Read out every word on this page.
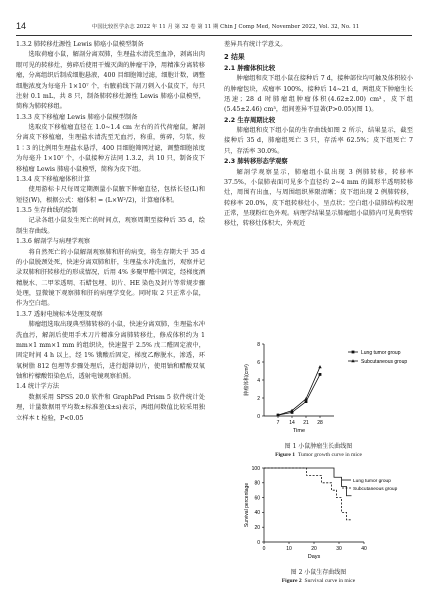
14	中国比较医学杂志 2022 年 11 月 第 32 卷 第 11 期 Chin J Comp Med, November 2022, Vol. 32, No. 11

1.3.2 肺转移灶源性 Lewis 肺癌小鼠模型制备

选取荷瘤小鼠，解剖分离双肺，生理盐水清洗至血净，剥离出肉眼可见的转移灶，剪碎后使用干燥灭菌的肿瘤干净，用精准分离转移瘤，分离组织后制成细胞悬液，400 目细胞筛过滤，细胞计数，调整细胞浓度为每毫升 1×10⁷ 个，右腋前线下剖刀刺入小鼠皮下，每只注射 0.1 mL，共 8 只，制备肺转移灶源性 Lewis 肺癌小鼠模型，简称为肺转移组。

1.3.3 皮下移植瘤 Lewis 肺癌小鼠模型制备

选取皮下移植瘤直径在 1.0~1.4 cm 左右的首代荷瘤鼠，解剖分离皮下移植瘤，生理盐水清洗至无血污，称重，剪碎，匀浆，按 1∶3 的比例用生理盐水悬浮，400 目细胞筛网过滤，调整细胞浓度为每毫升 1×10⁷ 个，小鼠接种方法同 1.3.2，共 10 只，制备皮下移植瘤 Lewis 肺癌小鼠模型，简称为皮下组。

1.3.4 皮下移植瘤体积计算

使用游标卡尺每周定期测量小鼠腋下肿瘤直径，包括长径(L)和短径(W)，根据公式：瘤体积 = (L×W²/2)，计算瘤体积。

1.3.5 生存曲线的绘制

记录各组小鼠发生死亡的时间点，观察周期至接种后 35 d，绘制生存曲线。

1.3.6 解剖学与病理学观察

将自然死亡的小鼠解剖观察肺和肝的病变，将生存期大于 35 d 的小鼠脱颈处死，快速分离双肺和肝，生理盐水冲洗血污，观察并记录双肺和肝转移灶的形成情况，后用 4% 多聚甲醛中固定，经梯度酒精脱水、二甲苯透明、石蜡包埋、切片、HE 染色及封片等常规步骤处理，显微镜下观察肺和肝的病理学变化。同时取 2 只正常小鼠，作为空白组。

1.3.7 透射电镜标本处理及观察

肺瘤组选取出现典型肺转移的小鼠，快速分离双肺，生理盐水冲洗血污，解剖后使用手术刀片精准分离肺转移灶，修成体积约为 1 mm×1 mm×1 mm 的组织块，快速置于 2.5% 戊二醛固定液中，固定时间 4 h 以上，经 1% 锇酸后固定，梯度乙醇脱水，渗透，环氧树脂 812 包埋等步骤处理后，进行超薄切片，使用铀和醋酸双氧铀和柠檬酸铅染色后，透射电镜观察拍照。

1.4 统计学方法

数据采用 SPSS 20.0 软件和 GraphPad Prism 5 软件统计处理，计量数据用平均数±标准差(x̄±s)表示，两组间数值比较采用独立样本 t 检验，P<0.05

差异具有统计学意义。

2 结果

2.1 肿瘤体积比较

肿瘤组和皮下组小鼠在接种后 7 d，接种部位均可触及体积较小的肿瘤包块，成瘤率 100%，接种后 14~21 d，两组皮下肿瘤生长迅速；28 d 时肺瘤组肿瘤体积(4.62±2.00) cm³，皮下组(5.45±2.46) cm³，组间差异不显著(P>0.05)(图 1)。

2.2 生存周期比较

肺瘤组和皮下组小鼠的生存曲线如图 2 所示，结果显示，截至接种后 35 d，肺瘤组死亡 3 只，存活率 62.5%；皮下组死亡 7 只，存活率 30.0%。

2.3 肺转移形态学观察

解剖学观察显示，肺瘤组小鼠出现 3 例肺转移，转移率 37.5%，小鼠肺表面可见多个直径约 2~4 mm 的圆形半透明转移灶，周围有出血，与周围组织界限清晰；皮下组出现 2 例肺转移，转移率 20.0%，皮下组转移灶小，呈点状；空白组小鼠肺结构纹理正常，呈现粉红色外观。病理学结果显示肺瘤组小鼠肺内可见典型转移灶，转移灶体积大，外观近

0
2
4
6
8
7 14 21 28
Time
肿瘤体积(cm³)
Lung tumor group
Subcutaneous group
图 1 小鼠肿瘤生长曲线图
Figure 1 Tumor growth curve in mice
0
20
40
60
80
100
0	10	20	30	40
Days
Survival percentage
Lung tumor group
Subcutaneous group
图 2 小鼠生存曲线图
Figure 2 Survival curve in mice
